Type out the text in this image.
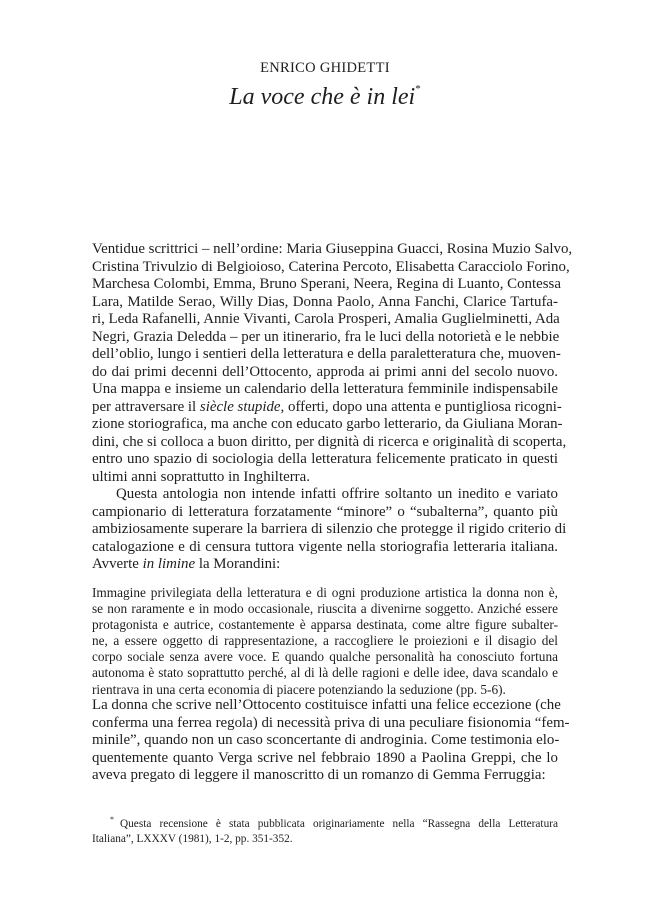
ENRICO GHIDETTI
La voce che è in lei*
Ventidue scrittrici – nell’ordine: Maria Giuseppina Guacci, Rosina Muzio Salvo,
Cristina Trivulzio di Belgioioso, Caterina Percoto, Elisabetta Caracciolo Forino,
Marchesa Colombi, Emma, Bruno Sperani, Neera, Regina di Luanto, Contessa
Lara, Matilde Serao, Willy Dias, Donna Paolo, Anna Fanchi, Clarice Tartufa-
ri, Leda Rafanelli, Annie Vivanti, Carola Prosperi, Amalia Guglielminetti, Ada
Negri, Grazia Deledda – per un itinerario, fra le luci della notorietà e le nebbie
dell’oblio, lungo i sentieri della letteratura e della paraletteratura che, muoven-
do dai primi decenni dell’Ottocento, approda ai primi anni del secolo nuovo.
Una mappa e insieme un calendario della letteratura femminile indispensabile
per attraversare il siècle stupide, offerti, dopo una attenta e puntigliosa ricogni-
zione storiografica, ma anche con educato garbo letterario, da Giuliana Moran-
dini, che si colloca a buon diritto, per dignità di ricerca e originalità di scoperta,
entro uno spazio di sociologia della letteratura felicemente praticato in questi
ultimi anni soprattutto in Inghilterra.
Questa antologia non intende infatti offrire soltanto un inedito e variato
campionario di letteratura forzatamente “minore” o “subalterna”, quanto più
ambiziosamente superare la barriera di silenzio che protegge il rigido criterio di
catalogazione e di censura tuttora vigente nella storiografia letteraria italiana.
Avverte in limine la Morandini:
Immagine privilegiata della letteratura e di ogni produzione artistica la donna non è,
se non raramente e in modo occasionale, riuscita a divenirne soggetto. Anziché essere
protagonista e autrice, costantemente è apparsa destinata, come altre figure subalter-
ne, a essere oggetto di rappresentazione, a raccogliere le proiezioni e il disagio del
corpo sociale senza avere voce. E quando qualche personalità ha conosciuto fortuna
autonoma è stato soprattutto perché, al di là delle ragioni e delle idee, dava scandalo e
rientrava in una certa economia di piacere potenziando la seduzione (pp. 5-6).
La donna che scrive nell’Ottocento costituisce infatti una felice eccezione (che
conferma una ferrea regola) di necessità priva di una peculiare fisionomia “fem-
minile”, quando non un caso sconcertante di androginia. Come testimonia elo-
quentemente quanto Verga scrive nel febbraio 1890 a Paolina Greppi, che lo
aveva pregato di leggere il manoscritto di un romanzo di Gemma Ferruggia:
* Questa recensione è stata pubblicata originariamente nella “Rassegna della Letteratura
Italiana”, LXXXV (1981), 1-2, pp. 351-352.
